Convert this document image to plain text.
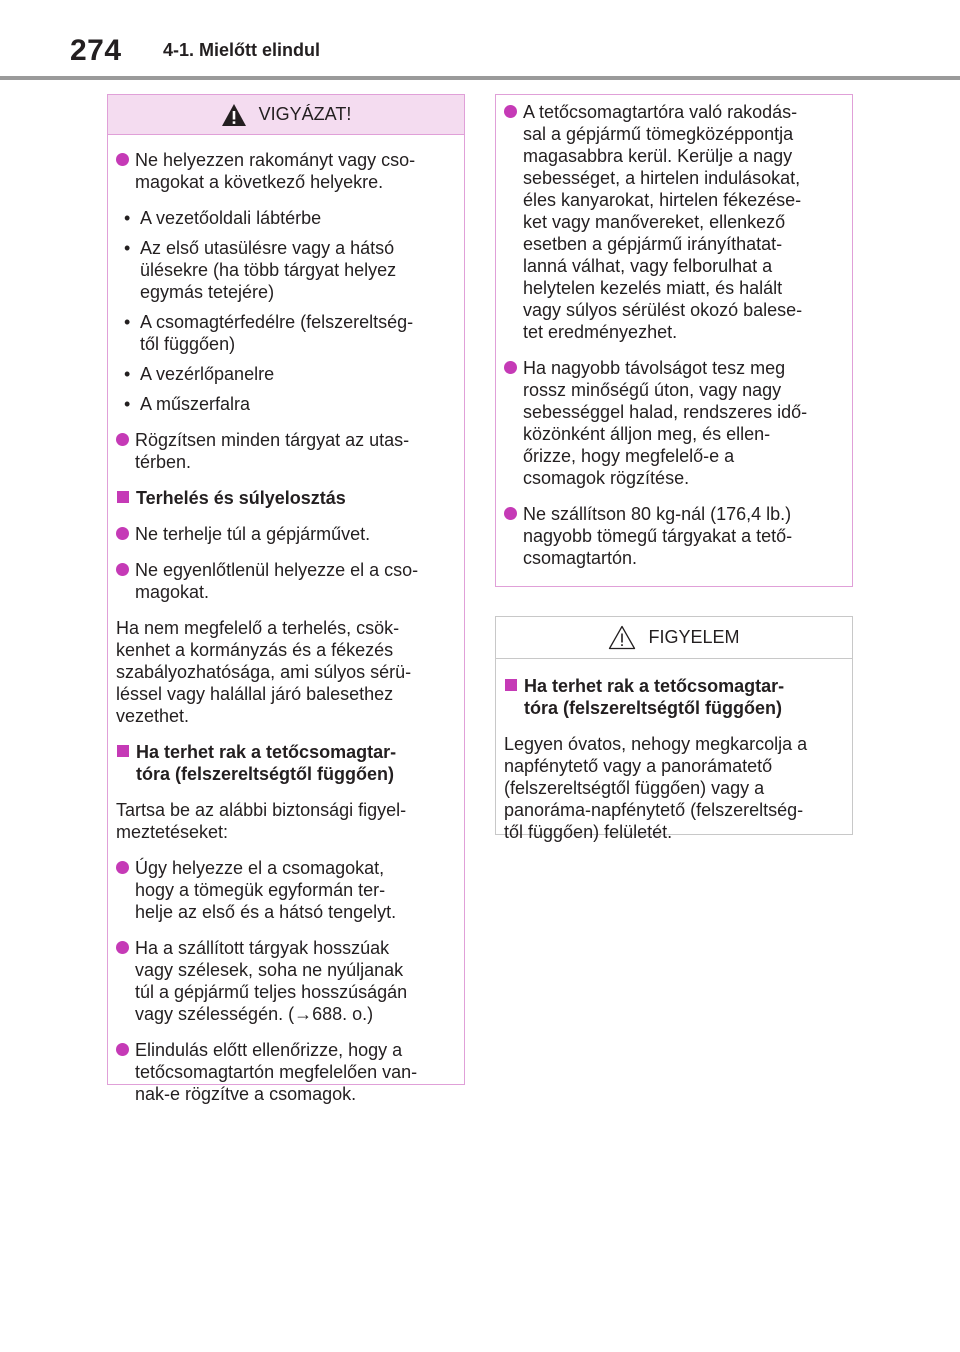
274 4-1. Mielőtt elindul
VIGYÁZAT!
Ne helyezzen rakományt vagy cso-
magokat a következő helyekre.
• A vezetőoldali lábtérbe
• Az első utasülésre vagy a hátsó
ülésekre (ha több tárgyat helyez
egymás tetejére)
• A csomagtérfedélre (felszereltség-
től függően)
• A vezérlőpanelre
• A műszerfalra
Rögzítsen minden tárgyat az utas-
térben.
Terhelés és súlyelosztás
Ne terhelje túl a gépjárművet.
Ne egyenlőtlenül helyezze el a cso-
magokat.
Ha nem megfelelő a terhelés, csök-
kenhet a kormányzás és a fékezés
szabályozhatósága, ami súlyos sérü-
léssel vagy halállal járó balesethez
vezethet.
Ha terhet rak a tetőcsomagtar-
tóra (felszereltségtől függően)
Tartsa be az alábbi biztonsági figyel-
meztetéseket:
Úgy helyezze el a csomagokat,
hogy a tömegük egyformán ter-
helje az első és a hátsó tengelyt.
Ha a szállított tárgyak hosszúak
vagy szélesek, soha ne nyúljanak
túl a gépjármű teljes hosszúságán
vagy szélességén. (→688. o.)
Elindulás előtt ellenőrizze, hogy a
tetőcsomagtartón megfelelően van-
nak-e rögzítve a csomagok.
A tetőcsomagtartóra való rakodás-
sal a gépjármű tömegközéppontja
magasabbra kerül. Kerülje a nagy
sebességet, a hirtelen indulásokat,
éles kanyarokat, hirtelen fékezése-
ket vagy manővereket, ellenkező
esetben a gépjármű irányíthatat-
lanná válhat, vagy felborulhat a
helytelen kezelés miatt, és halált
vagy súlyos sérülést okozó balese-
tet eredményezhet.
Ha nagyobb távolságot tesz meg
rossz minőségű úton, vagy nagy
sebességgel halad, rendszeres idő-
közönként álljon meg, és ellen-
őrizze, hogy megfelelő-e a
csomagok rögzítése.
Ne szállítson 80 kg-nál (176,4 lb.)
nagyobb tömegű tárgyakat a tető-
csomagtartón.
FIGYELEM
Ha terhet rak a tetőcsomagtar-
tóra (felszereltségtől függően)
Legyen óvatos, nehogy megkarcolja a
napfénytető vagy a panorámatető
(felszereltségtől függően) vagy a
panoráma-napfénytető (felszereltség-
től függően) felületét.
